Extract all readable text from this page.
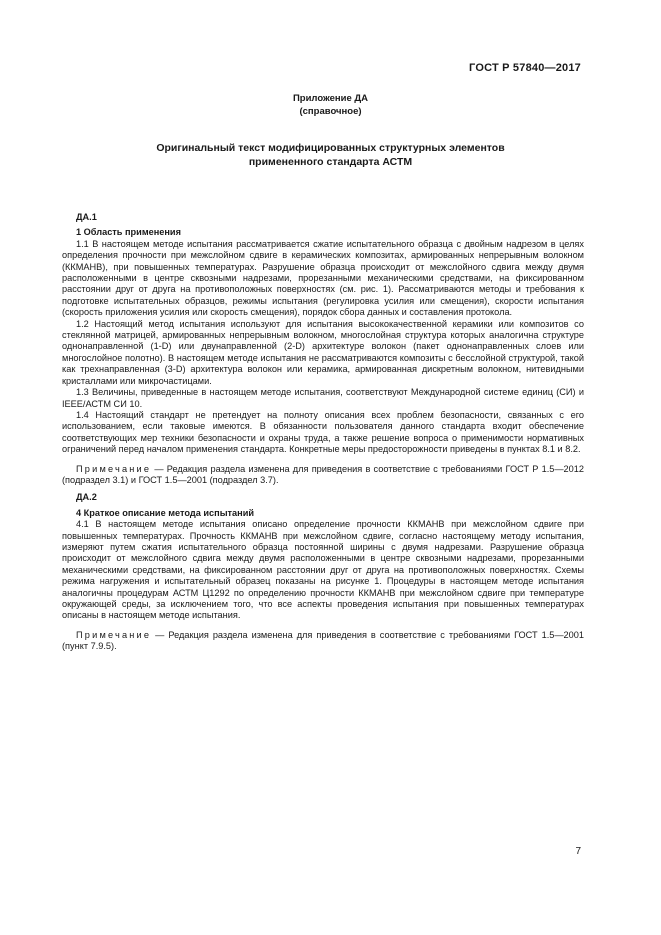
ГОСТ Р 57840—2017
Приложение ДА
(справочное)
Оригинальный текст модифицированных структурных элементов
примененного стандарта АСТМ

ДА.1

1 Область применения

1.1 В настоящем методе испытания рассматривается сжатие испытательного образца с двойным надрезом в целях определения прочности при межслойном сдвиге в керамических композитах, армированных непрерывным волокном (ККМАНВ), при повышенных температурах. Разрушение образца происходит от межслойного сдвига между двумя расположенными в центре сквозными надрезами, прорезанными механическими средствами, на фиксированном расстоянии друг от друга на противоположных поверхностях (см. рис. 1). Рассматриваются методы и требования к подготовке испытательных образцов, режимы испытания (регулировка усилия или смещения), скорости испытания (скорость приложения усилия или скорость смещения), порядок сбора данных и составления протокола.

1.2 Настоящий метод испытания используют для испытания высококачественной керамики или композитов со стеклянной матрицей, армированных непрерывным волокном, многослойная структура которых аналогична структуре однонаправленной (1-D) или двунаправленной (2-D) архитектуре волокон (пакет однонаправленных слоев или многослойное полотно). В настоящем методе испытания не рассматриваются композиты с бесслойной структурой, такой как трехнаправленная (3-D) архитектура волокон или керамика, армированная дискретным волокном, нитевидными кристаллами или микрочастицами.

1.3 Величины, приведенные в настоящем методе испытания, соответствуют Международной системе единиц (СИ) и IEEE/АСТМ СИ 10.

1.4 Настоящий стандарт не претендует на полноту описания всех проблем безопасности, связанных с его использованием, если таковые имеются. В обязанности пользователя данного стандарта входит обеспечение соответствующих мер техники безопасности и охраны труда, а также решение вопроса о применимости нормативных ограничений перед началом применения стандарта. Конкретные меры предосторожности приведены в пунктах 8.1 и 8.2.

Примечание — Редакция раздела изменена для приведения в соответствие с требованиями ГОСТ Р 1.5—2012 (подраздел 3.1) и ГОСТ 1.5—2001 (подраздел 3.7).

ДА.2

4 Краткое описание метода испытаний

4.1 В настоящем методе испытания описано определение прочности ККМАНВ при межслойном сдвиге при повышенных температурах. Прочность ККМАНВ при межслойном сдвиге, согласно настоящему методу испытания, измеряют путем сжатия испытательного образца постоянной ширины с двумя надрезами. Разрушение образца происходит от межслойного сдвига между двумя расположенными в центре сквозными надрезами, прорезанными механическими средствами, на фиксированном расстоянии друг от друга на противоположных поверхностях. Схемы режима нагружения и испытательный образец показаны на рисунке 1. Процедуры в настоящем методе испытания аналогичны процедурам АСТМ Ц1292 по определению прочности ККМАНВ при межслойном сдвиге при температуре окружающей среды, за исключением того, что все аспекты проведения испытания при повышенных температурах описаны в настоящем методе испытания.

Примечание — Редакция раздела изменена для приведения в соответствие с требованиями ГОСТ 1.5—2001 (пункт 7.9.5).

7
